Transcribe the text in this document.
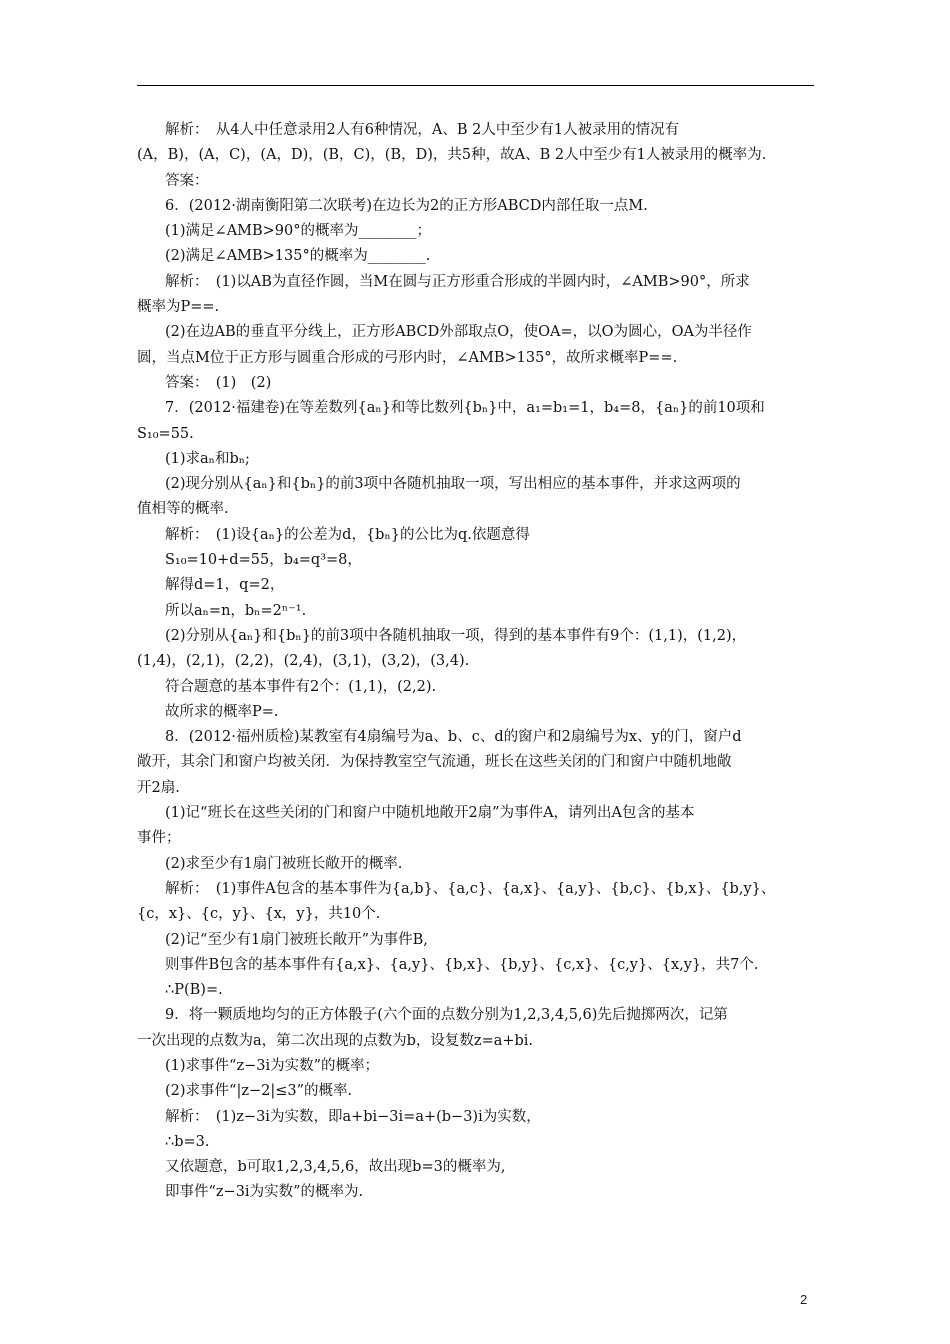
解析：　从4人中任意录用2人有6种情况，A、B 2人中至少有1人被录用的情况有
(A，B)，(A，C)，(A，D)，(B，C)，(B，D)，共5种，故A、B 2人中至少有1人被录用的概率为.
答案：
6．(2012·湖南衡阳第二次联考)在边长为2的正方形ABCD内部任取一点M.
(1)满足∠AMB>90°的概率为________；
(2)满足∠AMB>135°的概率为________.
解析：　(1)以AB为直径作圆，当M在圆与正方形重合形成的半圆内时，∠AMB>90°，所求
概率为P==.
(2)在边AB的垂直平分线上，正方形ABCD外部取点O，使OA=，以O为圆心，OA为半径作
圆，当点M位于正方形与圆重合形成的弓形内时，∠AMB>135°，故所求概率P==.
答案：　(1)　(2)
7．(2012·福建卷)在等差数列{aₙ}和等比数列{bₙ}中，a₁=b₁=1，b₄=8，{aₙ}的前10项和
S₁₀=55.
(1)求aₙ和bₙ;
(2)现分别从{aₙ}和{bₙ}的前3项中各随机抽取一项，写出相应的基本事件，并求这两项的
值相等的概率.
解析：　(1)设{aₙ}的公差为d，{bₙ}的公比为q.依题意得
S₁₀=10+d=55，b₄=q³=8，
解得d=1，q=2，
所以aₙ=n，bₙ=2ⁿ⁻¹.
(2)分别从{aₙ}和{bₙ}的前3项中各随机抽取一项，得到的基本事件有9个：(1,1)，(1,2)，
(1,4)，(2,1)，(2,2)，(2,4)，(3,1)，(3,2)，(3,4).
符合题意的基本事件有2个：(1,1)，(2,2).
故所求的概率P=.
8．(2012·福州质检)某教室有4扇编号为a、b、c、d的窗户和2扇编号为x、y的门，窗户d
敞开，其余门和窗户均被关闭．为保持教室空气流通，班长在这些关闭的门和窗户中随机地敞
开2扇.
(1)记“班长在这些关闭的门和窗户中随机地敞开2扇”为事件A，请列出A包含的基本
事件；
(2)求至少有1扇门被班长敞开的概率.
解析：　(1)事件A包含的基本事件为{a,b}、{a,c}、{a,x}、{a,y}、{b,c}、{b,x}、{b,y}、
{c，x}、{c，y}、{x，y}，共10个.
(2)记“至少有1扇门被班长敞开”为事件B,
则事件B包含的基本事件有{a,x}、{a,y}、{b,x}、{b,y}、{c,x}、{c,y}、{x,y}，共7个.
∴P(B)=.
9．将一颗质地均匀的正方体骰子(六个面的点数分别为1,2,3,4,5,6)先后抛掷两次，记第
一次出现的点数为a，第二次出现的点数为b，设复数z=a+bi.
(1)求事件“z−3i为实数”的概率；
(2)求事件“|z−2|≤3”的概率.
解析：　(1)z−3i为实数，即a+bi−3i=a+(b−3)i为实数，
∴b=3.
又依题意，b可取1,2,3,4,5,6，故出现b=3的概率为,
即事件“z−3i为实数”的概率为.
2
